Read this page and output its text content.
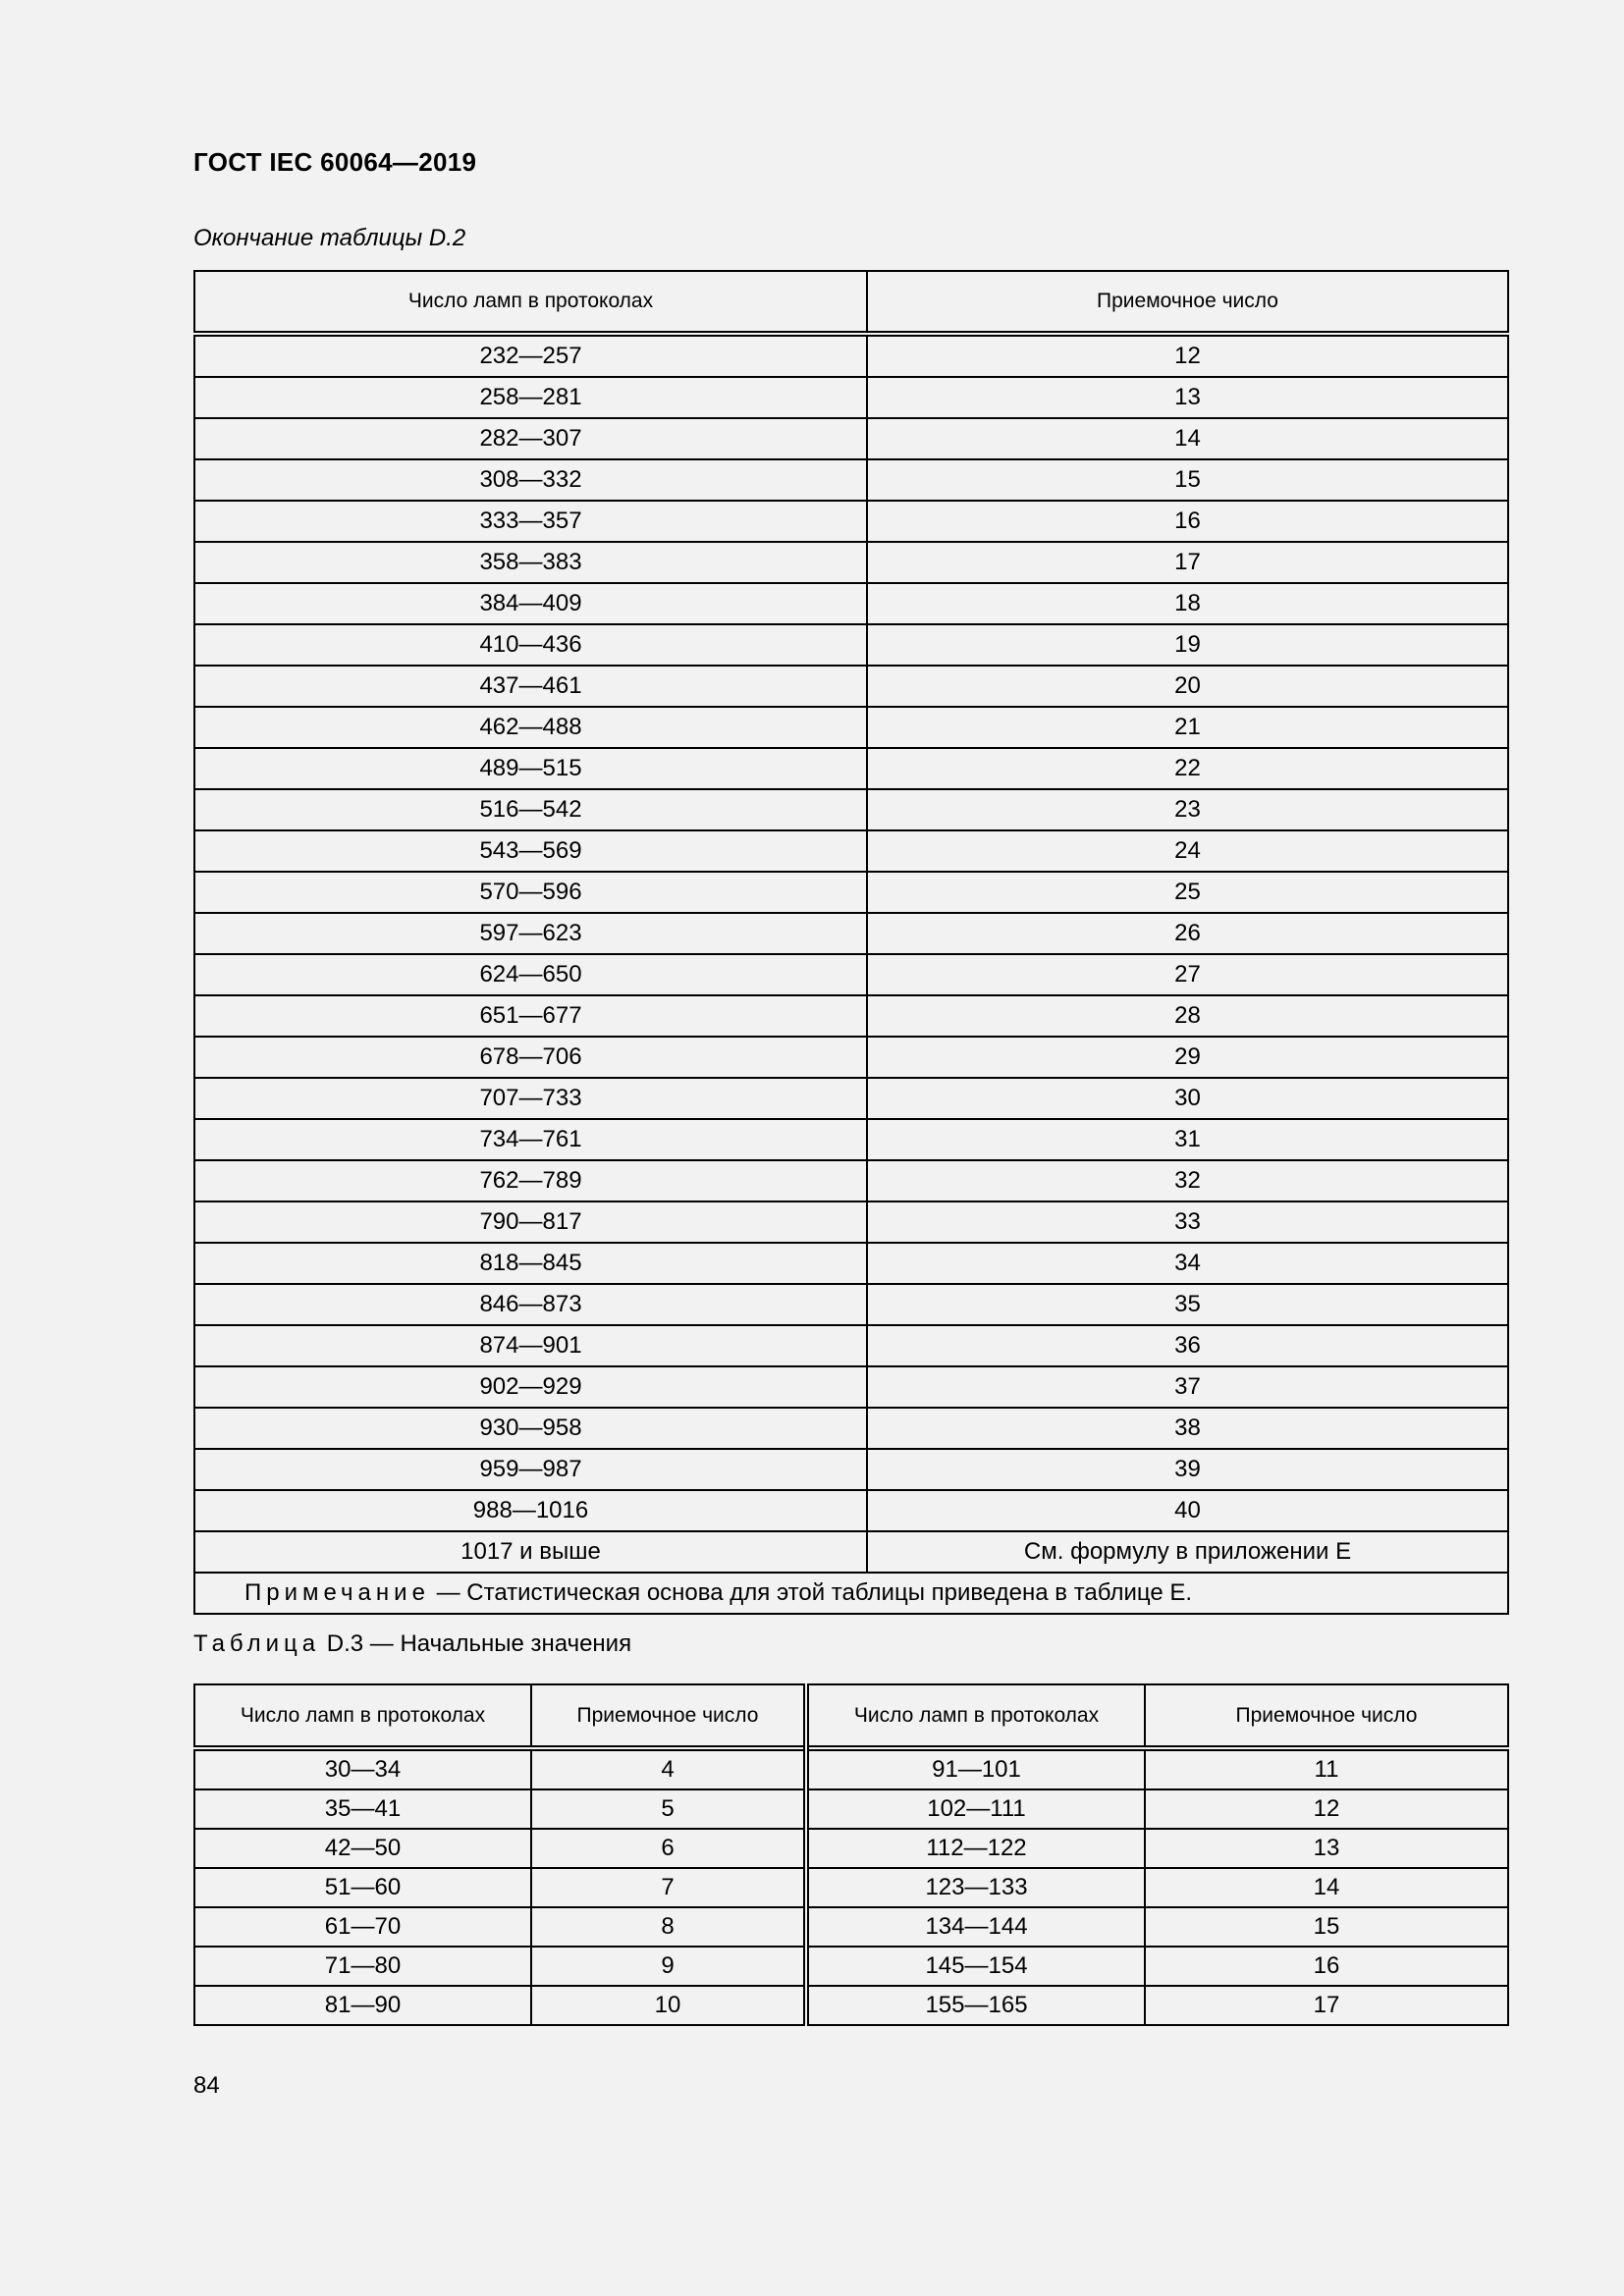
ГОСТ IEC 60064—2019
Окончание таблицы D.2
Число ламп в протоколах	Приемочное число
232—257	12
258—281	13
282—307	14
308—332	15
333—357	16
358—383	17
384—409	18
410—436	19
437—461	20
462—488	21
489—515	22
516—542	23
543—569	24
570—596	25
597—623	26
624—650	27
651—677	28
678—706	29
707—733	30
734—761	31
762—789	32
790—817	33
818—845	34
846—873	35
874—901	36
902—929	37
930—958	38
959—987	39
988—1016	40
1017 и выше	См. формулу в приложении Е
Примечание — Статистическая основа для этой таблицы приведена в таблице Е.	
Таблица D.3 — Начальные значения
Число ламп в протоколах	Приемочное число	Число ламп в протоколах	Приемочное число
30—34	4	91—101	11
35—41	5	102—111	12
42—50	6	112—122	13
51—60	7	123—133	14
61—70	8	134—144	15
71—80	9	145—154	16
81—90	10	155—165	17
84
